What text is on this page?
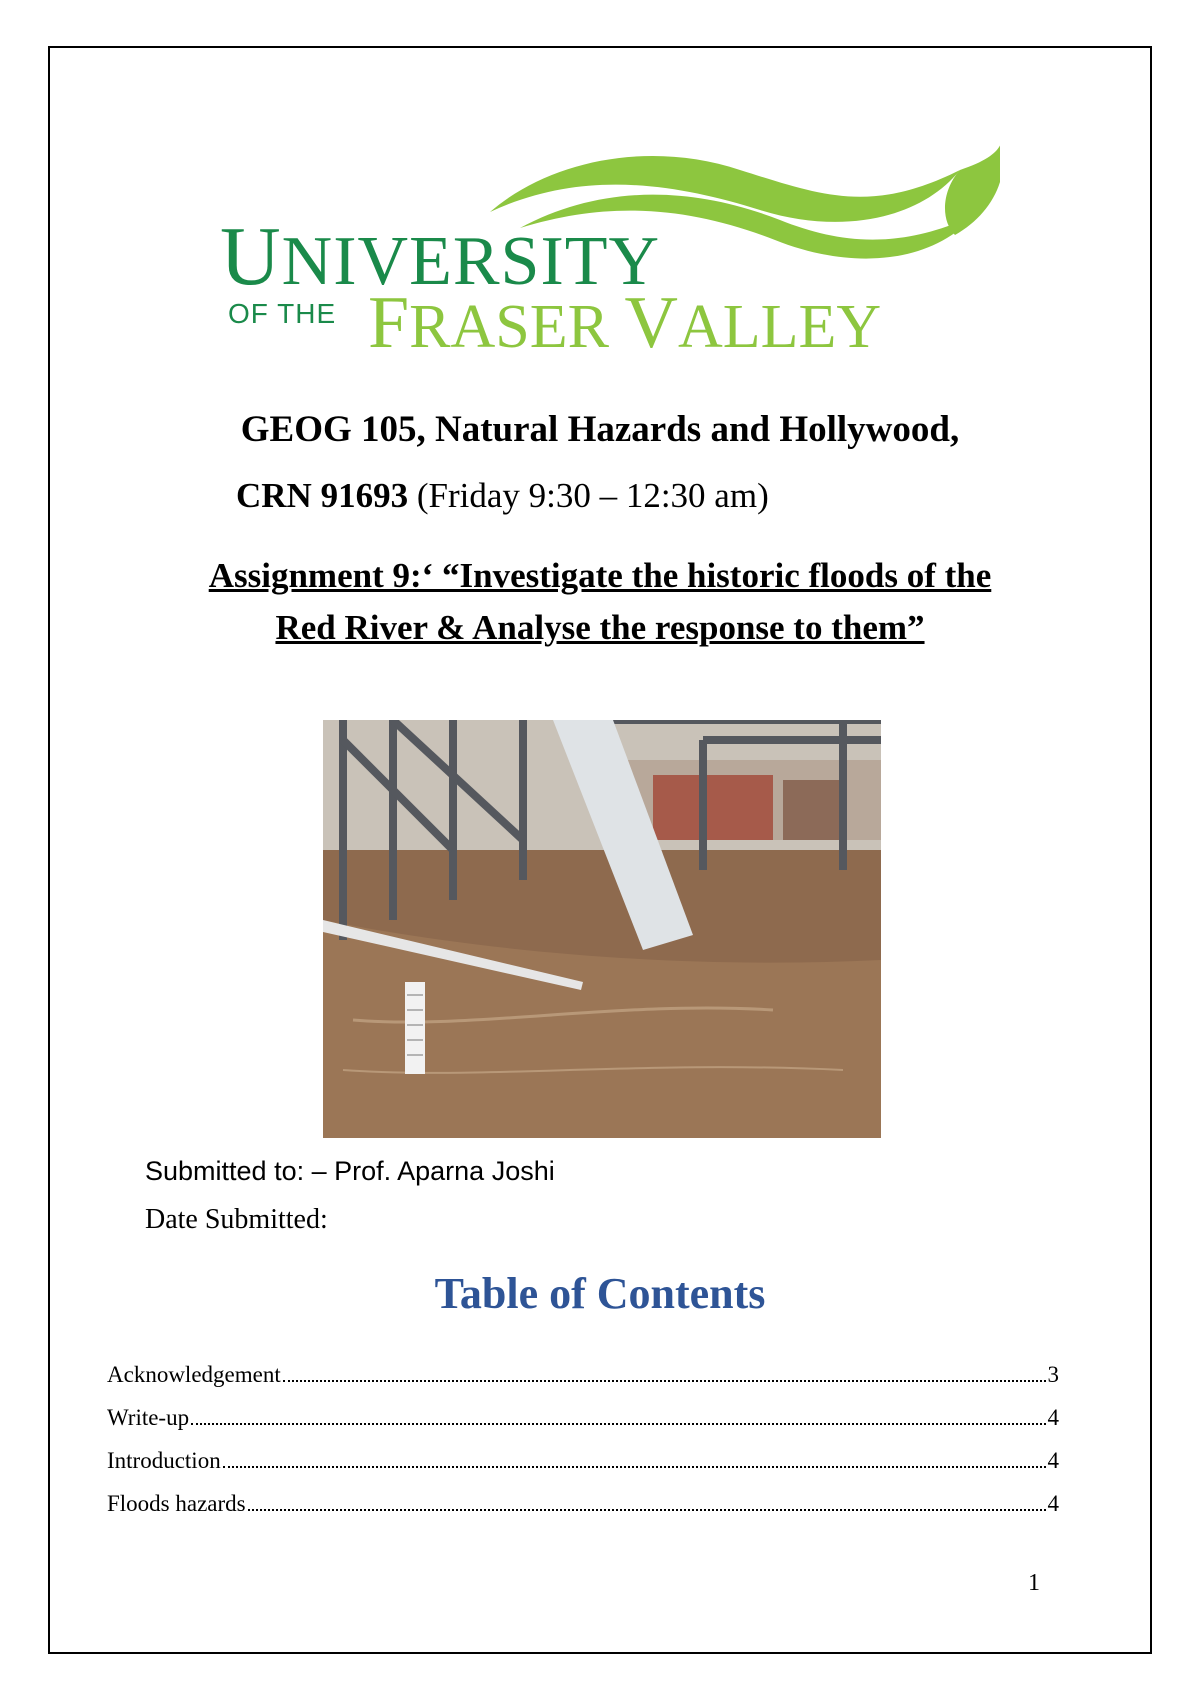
UNIVERSITY
OF THE FRASER VALLEY
GEOG 105, Natural Hazards and Hollywood,
CRN 91693 (Friday 9:30 – 12:30 am)
Assignment 9:‘ “Investigate the historic floods of the
Red River & Analyse the response to them”
Submitted to: – Prof. Aparna Joshi
Date Submitted:
Table of Contents
Acknowledgement	3
Write-up	4
Introduction	4
Floods hazards	4
1
